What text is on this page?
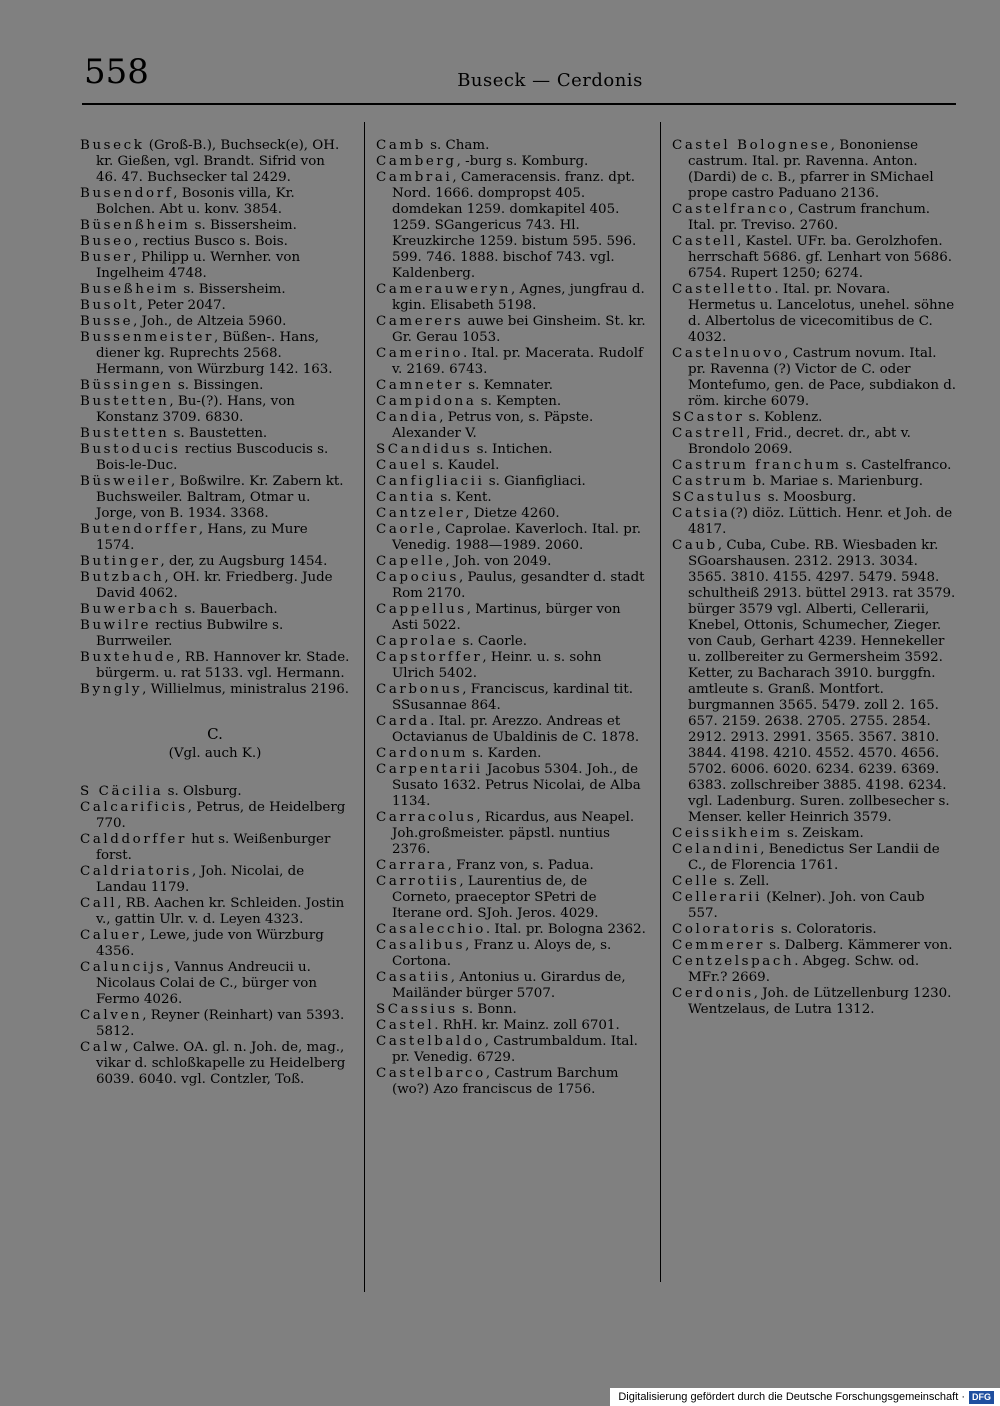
558	Buseck — Cerdonis

Buseck (Groß-B.), Buchseck(e), OH. kr. Gießen, vgl. Brandt. Sifrid von 46. 47. Buchsecker tal 2429.

Busendorf, Bosonis villa, Kr. Bolchen. Abt u. konv. 3854.

Büsenßheim s. Bissersheim.

Buseo, rectius Busco s. Bois.

Buser, Philipp u. Wernher. von Ingelheim 4748.

Buseßheim s. Bissersheim.

Busolt, Peter 2047.

Busse, Joh., de Altzeia 5960.

Bussenmeister, Büßen-. Hans, diener kg. Ruprechts 2568. Hermann, von Würzburg 142. 163.

Büssingen s. Bissingen.

Bustetten, Bu-(?). Hans, von Konstanz 3709. 6830.

Bustetten s. Baustetten.

Bustoducis rectius Buscoducis s. Bois-le-Duc.

Büsweiler, Boßwilre. Kr. Zabern kt. Buchsweiler. Baltram, Otmar u. Jorge, von B. 1934. 3368.

Butendorffer, Hans, zu Mure 1574.

Butinger, der, zu Augsburg 1454.

Butzbach, OH. kr. Friedberg. Jude David 4062.

Buwerbach s. Bauerbach.

Buwilre rectius Bubwilre s. Burrweiler.

Buxtehude, RB. Hannover kr. Stade. bürgerm. u. rat 5133. vgl. Hermann.

Byngly, Willielmus, ministralus 2196.

C.
(Vgl. auch K.)

S Cäcilia s. Olsburg.

Calcarificis, Petrus, de Heidelberg 770.

Calddorffer hut s. Weißenburger forst.

Caldriatoris, Joh. Nicolai, de Landau 1179.

Call, RB. Aachen kr. Schleiden. Jostin v., gattin Ulr. v. d. Leyen 4323.

Caluer, Lewe, jude von Würzburg 4356.

Caluncijs, Vannus Andreucii u. Nicolaus Colai de C., bürger von Fermo 4026.

Calven, Reyner (Reinhart) van 5393. 5812.

Calw, Calwe. OA. gl. n. Joh. de, mag., vikar d. schloßkapelle zu Heidelberg 6039. 6040. vgl. Contzler, Toß.

Camb s. Cham.

Camberg, -burg s. Komburg.

Cambrai, Cameracensis. franz. dpt. Nord. 1666. dompropst 405. domdekan 1259. domkapitel 405. 1259. SGangericus 743. Hl. Kreuzkirche 1259. bistum 595. 596. 599. 746. 1888. bischof 743. vgl. Kaldenberg.

Camerauweryn, Agnes, jungfrau d. kgin. Elisabeth 5198.

Camerers auwe bei Ginsheim. St. kr. Gr. Gerau 1053.

Camerino. Ital. pr. Macerata. Rudolf v. 2169. 6743.

Camneter s. Kemnater.

Campidona s. Kempten.

Candia, Petrus von, s. Päpste. Alexander V.

SCandidus s. Intichen.

Cauel s. Kaudel.

Canfigliacii s. Gianfigliaci.

Cantia s. Kent.

Cantzeler, Dietze 4260.

Caorle, Caprolae. Kaverloch. Ital. pr. Venedig. 1988—1989. 2060.

Capelle, Joh. von 2049.

Capocius, Paulus, gesandter d. stadt Rom 2170.

Cappellus, Martinus, bürger von Asti 5022.

Caprolae s. Caorle.

Capstorffer, Heinr. u. s. sohn Ulrich 5402.

Carbonus, Franciscus, kardinal tit. SSusannae 864.

Carda. Ital. pr. Arezzo. Andreas et Octavianus de Ubaldinis de C. 1878.

Cardonum s. Karden.

Carpentarii Jacobus 5304. Joh., de Susato 1632. Petrus Nicolai, de Alba 1134.

Carracolus, Ricardus, aus Neapel. Joh.großmeister. päpstl. nuntius 2376.

Carrara, Franz von, s. Padua.

Carrotiis, Laurentius de, de Corneto, praeceptor SPetri de Iterane ord. SJoh. Jeros. 4029.

Casalecchio. Ital. pr. Bologna 2362.

Casalibus, Franz u. Aloys de, s. Cortona.

Casatiis, Antonius u. Girardus de, Mailänder bürger 5707.

SCassius s. Bonn.

Castel. RhH. kr. Mainz. zoll 6701.

Castelbaldo, Castrumbaldum. Ital. pr. Venedig. 6729.

Castelbarco, Castrum Barchum (wo?) Azo franciscus de 1756.

Castel Bolognese, Bononiense castrum. Ital. pr. Ravenna. Anton. (Dardi) de c. B., pfarrer in SMichael prope castro Paduano 2136.

Castelfranco, Castrum franchum. Ital. pr. Treviso. 2760.

Castell, Kastel. UFr. ba. Gerolzhofen. herrschaft 5686. gf. Lenhart von 5686. 6754. Rupert 1250; 6274.

Castelletto. Ital. pr. Novara. Hermetus u. Lancelotus, unehel. söhne d. Albertolus de vicecomitibus de C. 4032.

Castelnuovo, Castrum novum. Ital. pr. Ravenna (?) Victor de C. oder Montefumo, gen. de Pace, subdiakon d. röm. kirche 6079.

SCastor s. Koblenz.

Castrell, Frid., decret. dr., abt v. Brondolo 2069.

Castrum franchum s. Castelfranco.

Castrum b. Mariae s. Marienburg.

SCastulus s. Moosburg.

Catsia(?) diöz. Lüttich. Henr. et Joh. de 4817.

Caub, Cuba, Cube. RB. Wiesbaden kr. SGoarshausen. 2312. 2913. 3034. 3565. 3810. 4155. 4297. 5479. 5948. schultheiß 2913. büttel 2913. rat 3579. bürger 3579 vgl. Alberti, Cellerarii, Knebel, Ottonis, Schumecher, Zieger. von Caub, Gerhart 4239. Hennekeller u. zollbereiter zu Germersheim 3592. Ketter, zu Bacharach 3910. burggfn. amtleute s. Granß. Montfort. burgmannen 3565. 5479. zoll 2. 165. 657. 2159. 2638. 2705. 2755. 2854. 2912. 2913. 2991. 3565. 3567. 3810. 3844. 4198. 4210. 4552. 4570. 4656. 5702. 6006. 6020. 6234. 6239. 6369. 6383. zollschreiber 3885. 4198. 6234. vgl. Ladenburg. Suren. zollbesecher s. Menser. keller Heinrich 3579.

Ceissikheim s. Zeiskam.

Celandini, Benedictus Ser Landii de C., de Florencia 1761.

Celle s. Zell.

Cellerarii (Kelner). Joh. von Caub 557.

Coloratoris s. Coloratoris.

Cemmerer s. Dalberg. Kämmerer von.

Centzelspach. Abgeg. Schw. od. MFr.? 2669.

Cerdonis, Joh. de Lützellenburg 1230. Wentzelaus, de Lutra 1312.

Digitalisierung gefördert durch die Deutsche Forschungsgemeinschaft · DFG
